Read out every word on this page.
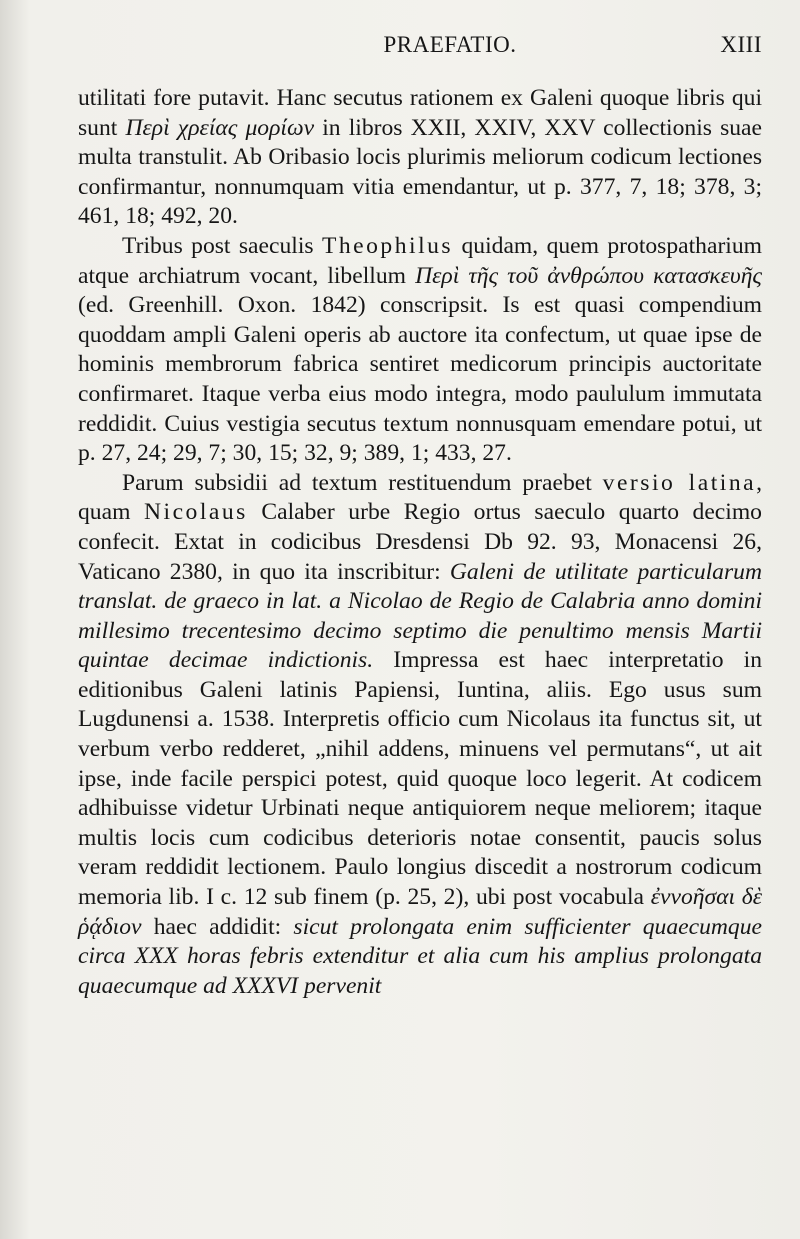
PRAEFATIO.	XIII

utilitati fore putavit. Hanc secutus rationem ex Galeni quoque libris qui sunt Περὶ χρείας μορίων in libros XXII, XXIV, XXV collectionis suae multa transtulit. Ab Oribasio locis plurimis meliorum codicum lectiones confirmantur, nonnumquam vitia emendantur, ut p. 377, 7, 18; 378, 3; 461, 18; 492, 20.

Tribus post saeculis Theophilus quidam, quem protospatharium atque archiatrum vocant, libellum Περὶ τῆς τοῦ ἀνθρώπου κατασκευῆς (ed. Greenhill. Oxon. 1842) conscripsit. Is est quasi compendium quoddam ampli Galeni operis ab auctore ita confectum, ut quae ipse de hominis membrorum fabrica sentiret medicorum principis auctoritate confirmaret. Itaque verba eius modo integra, modo paululum immutata reddidit. Cuius vestigia secutus textum nonnusquam emendare potui, ut p. 27, 24; 29, 7; 30, 15; 32, 9; 389, 1; 433, 27.

Parum subsidii ad textum restituendum praebet versio latina, quam Nicolaus Calaber urbe Regio ortus saeculo quarto decimo confecit. Extat in codicibus Dresdensi Db 92. 93, Monacensi 26, Vaticano 2380, in quo ita inscribitur: Galeni de utilitate particularum translat. de graeco in lat. a Nicolao de Regio de Calabria anno domini millesimo trecentesimo decimo septimo die penultimo mensis Martii quintae decimae indictionis. Impressa est haec interpretatio in editionibus Galeni latinis Papiensi, Iuntina, aliis. Ego usus sum Lugdunensi a. 1538. Interpretis officio cum Nicolaus ita functus sit, ut verbum verbo redderet, „nihil addens, minuens vel permutans“, ut ait ipse, inde facile perspici potest, quid quoque loco legerit. At codicem adhibuisse videtur Urbinati neque antiquiorem neque meliorem; itaque multis locis cum codicibus deterioris notae consentit, paucis solus veram reddidit lectionem. Paulo longius discedit a nostrorum codicum memoria lib. I c. 12 sub finem (p. 25, 2), ubi post vocabula ἐννοῆσαι δὲ ῥᾴδιον haec addidit: sicut prolongata enim sufficienter quaecumque circa XXX horas febris extenditur et alia cum his amplius prolongata quaecumque ad XXXVI pervenit
